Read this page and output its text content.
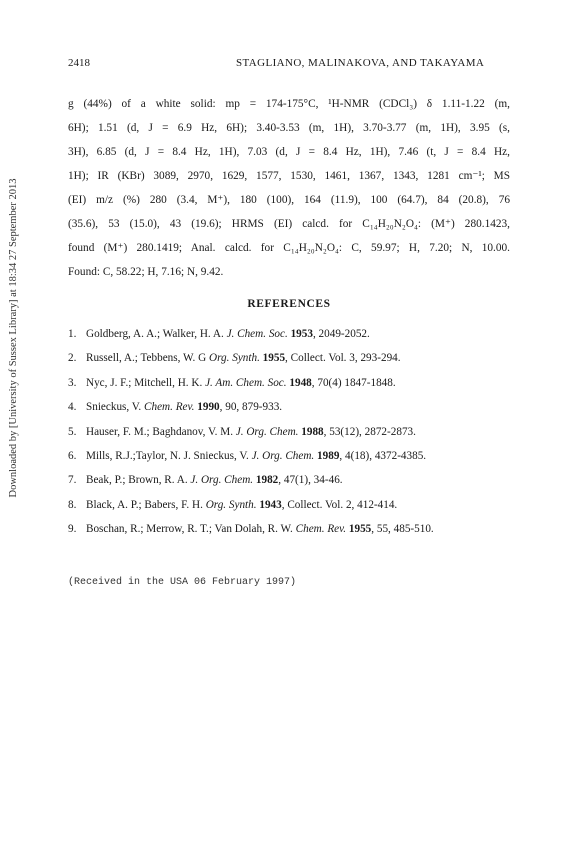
Downloaded by [University of Sussex Library] at 18:34 27 September 2013
2418	STAGLIANO, MALINAKOVA, AND TAKAYAMA
g (44%) of a white solid: mp = 174-175°C, ¹H-NMR (CDCl₃) δ 1.11-1.22 (m,
6H); 1.51 (d, J = 6.9 Hz, 6H); 3.40-3.53 (m, 1H), 3.70-3.77 (m, 1H), 3.95 (s,
3H), 6.85 (d, J = 8.4 Hz, 1H), 7.03 (d, J = 8.4 Hz, 1H), 7.46 (t, J = 8.4 Hz,
1H); IR (KBr) 3089, 2970, 1629, 1577, 1530, 1461, 1367, 1343, 1281 cm⁻¹; MS
(EI) m/z (%) 280 (3.4, M⁺), 180 (100), 164 (11.9), 100 (64.7), 84 (20.8), 76
(35.6), 53 (15.0), 43 (19.6); HRMS (EI) calcd. for C₁₄H₂₀N₂O₄: (M⁺) 280.1423,
found (M⁺) 280.1419; Anal. calcd. for C₁₄H₂₀N₂O₄: C, 59.97; H, 7.20; N, 10.00.
Found: C, 58.22; H, 7.16; N, 9.42.
REFERENCES
1. Goldberg, A. A.; Walker, H. A. J. Chem. Soc. 1953, 2049-2052.
2. Russell, A.; Tebbens, W. G Org. Synth. 1955, Collect. Vol. 3, 293-294.
3. Nyc, J. F.; Mitchell, H. K. J. Am. Chem. Soc. 1948, 70(4) 1847-1848.
4. Snieckus, V. Chem. Rev. 1990, 90, 879-933.
5. Hauser, F. M.; Baghdanov, V. M. J. Org. Chem. 1988, 53(12), 2872-2873.
6. Mills, R.J.;Taylor, N. J. Snieckus, V. J. Org. Chem. 1989, 4(18), 4372-4385.
7. Beak, P.; Brown, R. A. J. Org. Chem. 1982, 47(1), 34-46.
8. Black, A. P.; Babers, F. H. Org. Synth. 1943, Collect. Vol. 2, 412-414.
9. Boschan, R.; Merrow, R. T.; Van Dolah, R. W. Chem. Rev. 1955, 55, 485-510.
(Received in the USA 06 February 1997)
